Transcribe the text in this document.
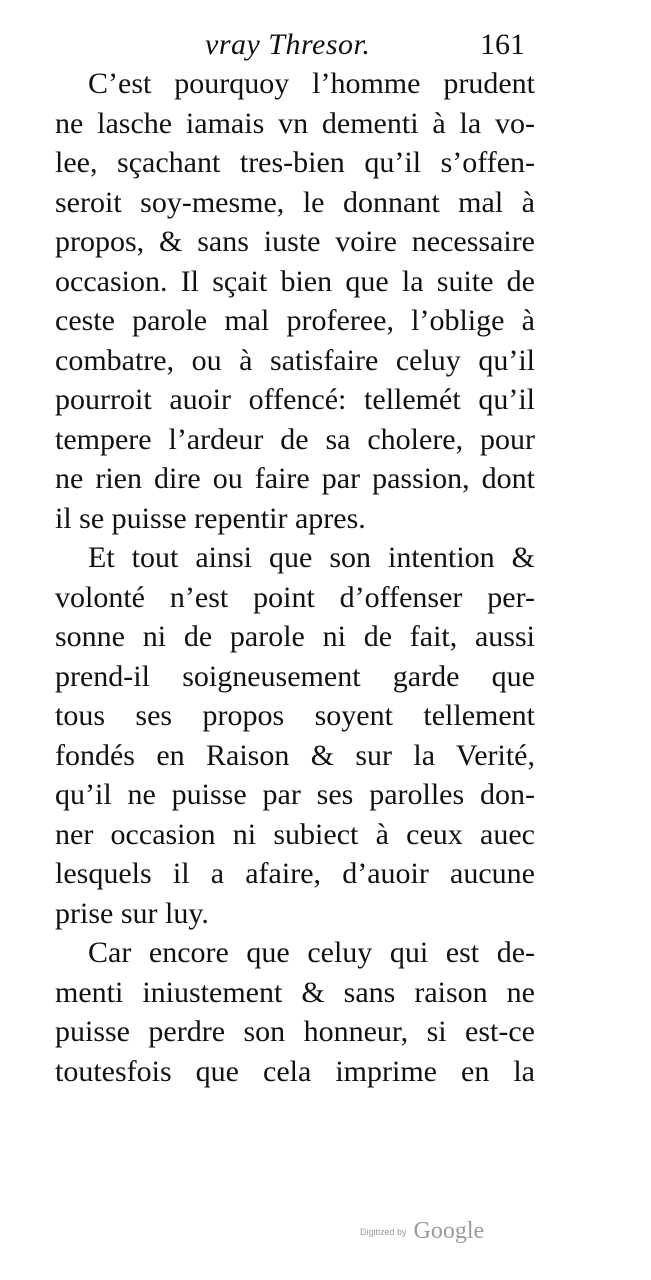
vray Thresor.	161
C’est pourquoy l’homme prudent
ne lasche iamais vn dementi à la vo-
lee, sçachant tres-bien qu’il s’offen-
seroit soy-mesme, le donnant mal à
propos, & sans iuste voire necessaire
occasion. Il sçait bien que la suite de
ceste parole mal proferee, l’oblige à
combatre, ou à satisfaire celuy qu’il
pourroit auoir offencé: tellemét qu’il
tempere l’ardeur de sa cholere, pour
ne rien dire ou faire par passion, dont
il se puisse repentir apres.
Et tout ainsi que son intention &
volonté n’est point d’offenser per-
sonne ni de parole ni de fait, aussi
prend-il soigneusement garde que
tous ses propos soyent tellement
fondés en Raison & sur la Verité,
qu’il ne puisse par ses parolles don-
ner occasion ni subiect à ceux auec
lesquels il a afaire, d’auoir aucune
prise sur luy.
Car encore que celuy qui est de-
menti iniustement & sans raison ne
puisse perdre son honneur, si est-ce
toutesfois que cela imprime en la
Digitized by Google
